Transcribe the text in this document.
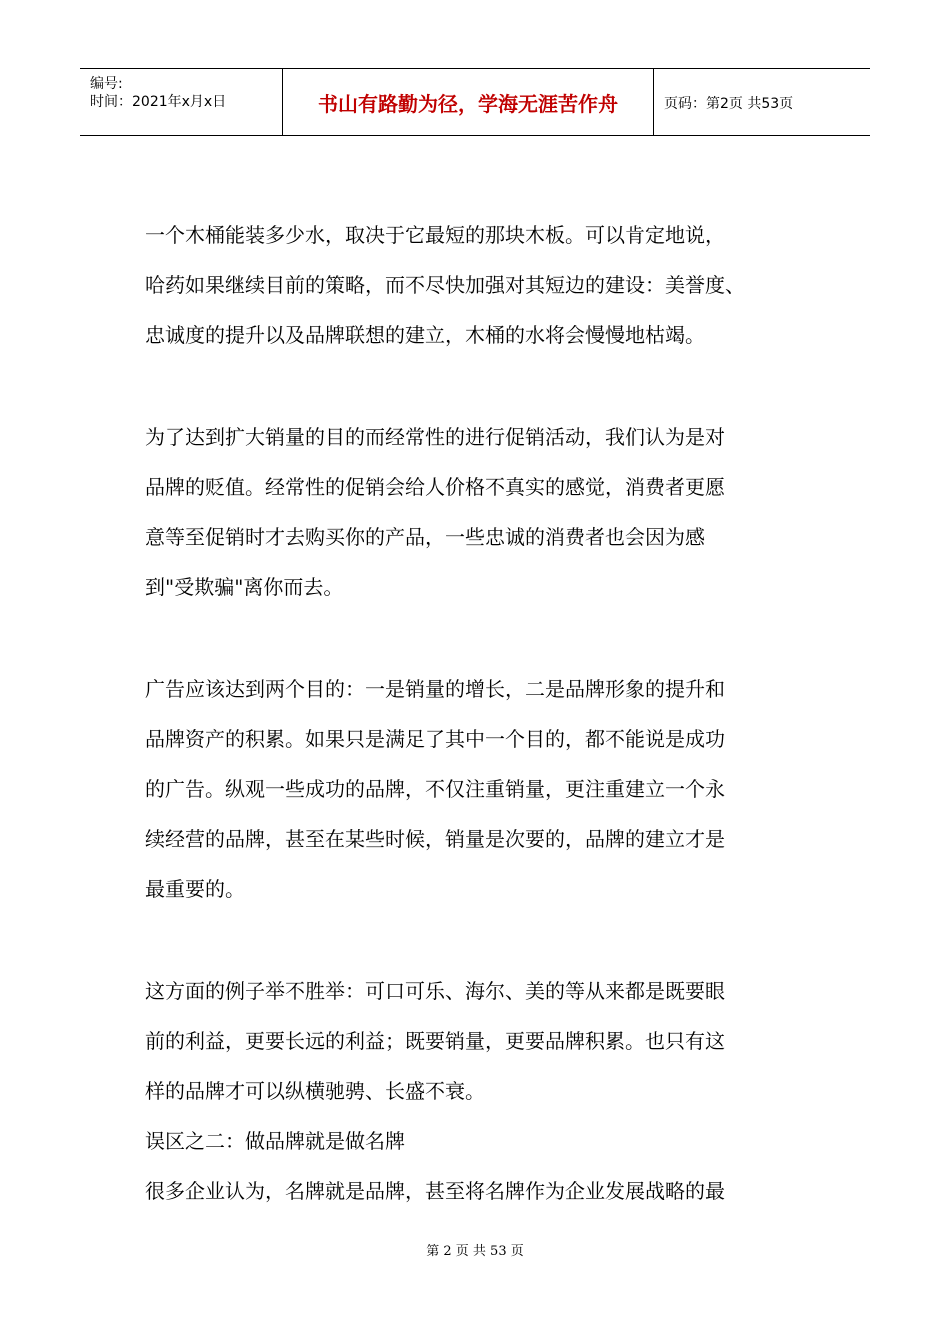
编号:
时间：2021年x月x日	书山有路勤为径，学海无涯苦作舟	页码：第2页 共53页
一个木桶能装多少水，取决于它最短的那块木板。可以肯定地说，
哈药如果继续目前的策略，而不尽快加强对其短边的建设：美誉度、
忠诚度的提升以及品牌联想的建立，木桶的水将会慢慢地枯竭。
为了达到扩大销量的目的而经常性的进行促销活动，我们认为是对
品牌的贬值。经常性的促销会给人价格不真实的感觉，消费者更愿
意等至促销时才去购买你的产品，一些忠诚的消费者也会因为感
到"受欺骗"离你而去。
广告应该达到两个目的：一是销量的增长，二是品牌形象的提升和
品牌资产的积累。如果只是满足了其中一个目的，都不能说是成功
的广告。纵观一些成功的品牌，不仅注重销量，更注重建立一个永
续经营的品牌，甚至在某些时候，销量是次要的，品牌的建立才是
最重要的。
这方面的例子举不胜举：可口可乐、海尔、美的等从来都是既要眼
前的利益，更要长远的利益；既要销量，更要品牌积累。也只有这
样的品牌才可以纵横驰骋、长盛不衰。
误区之二：做品牌就是做名牌
很多企业认为，名牌就是品牌，甚至将名牌作为企业发展战略的最
第 2 页 共 53 页
